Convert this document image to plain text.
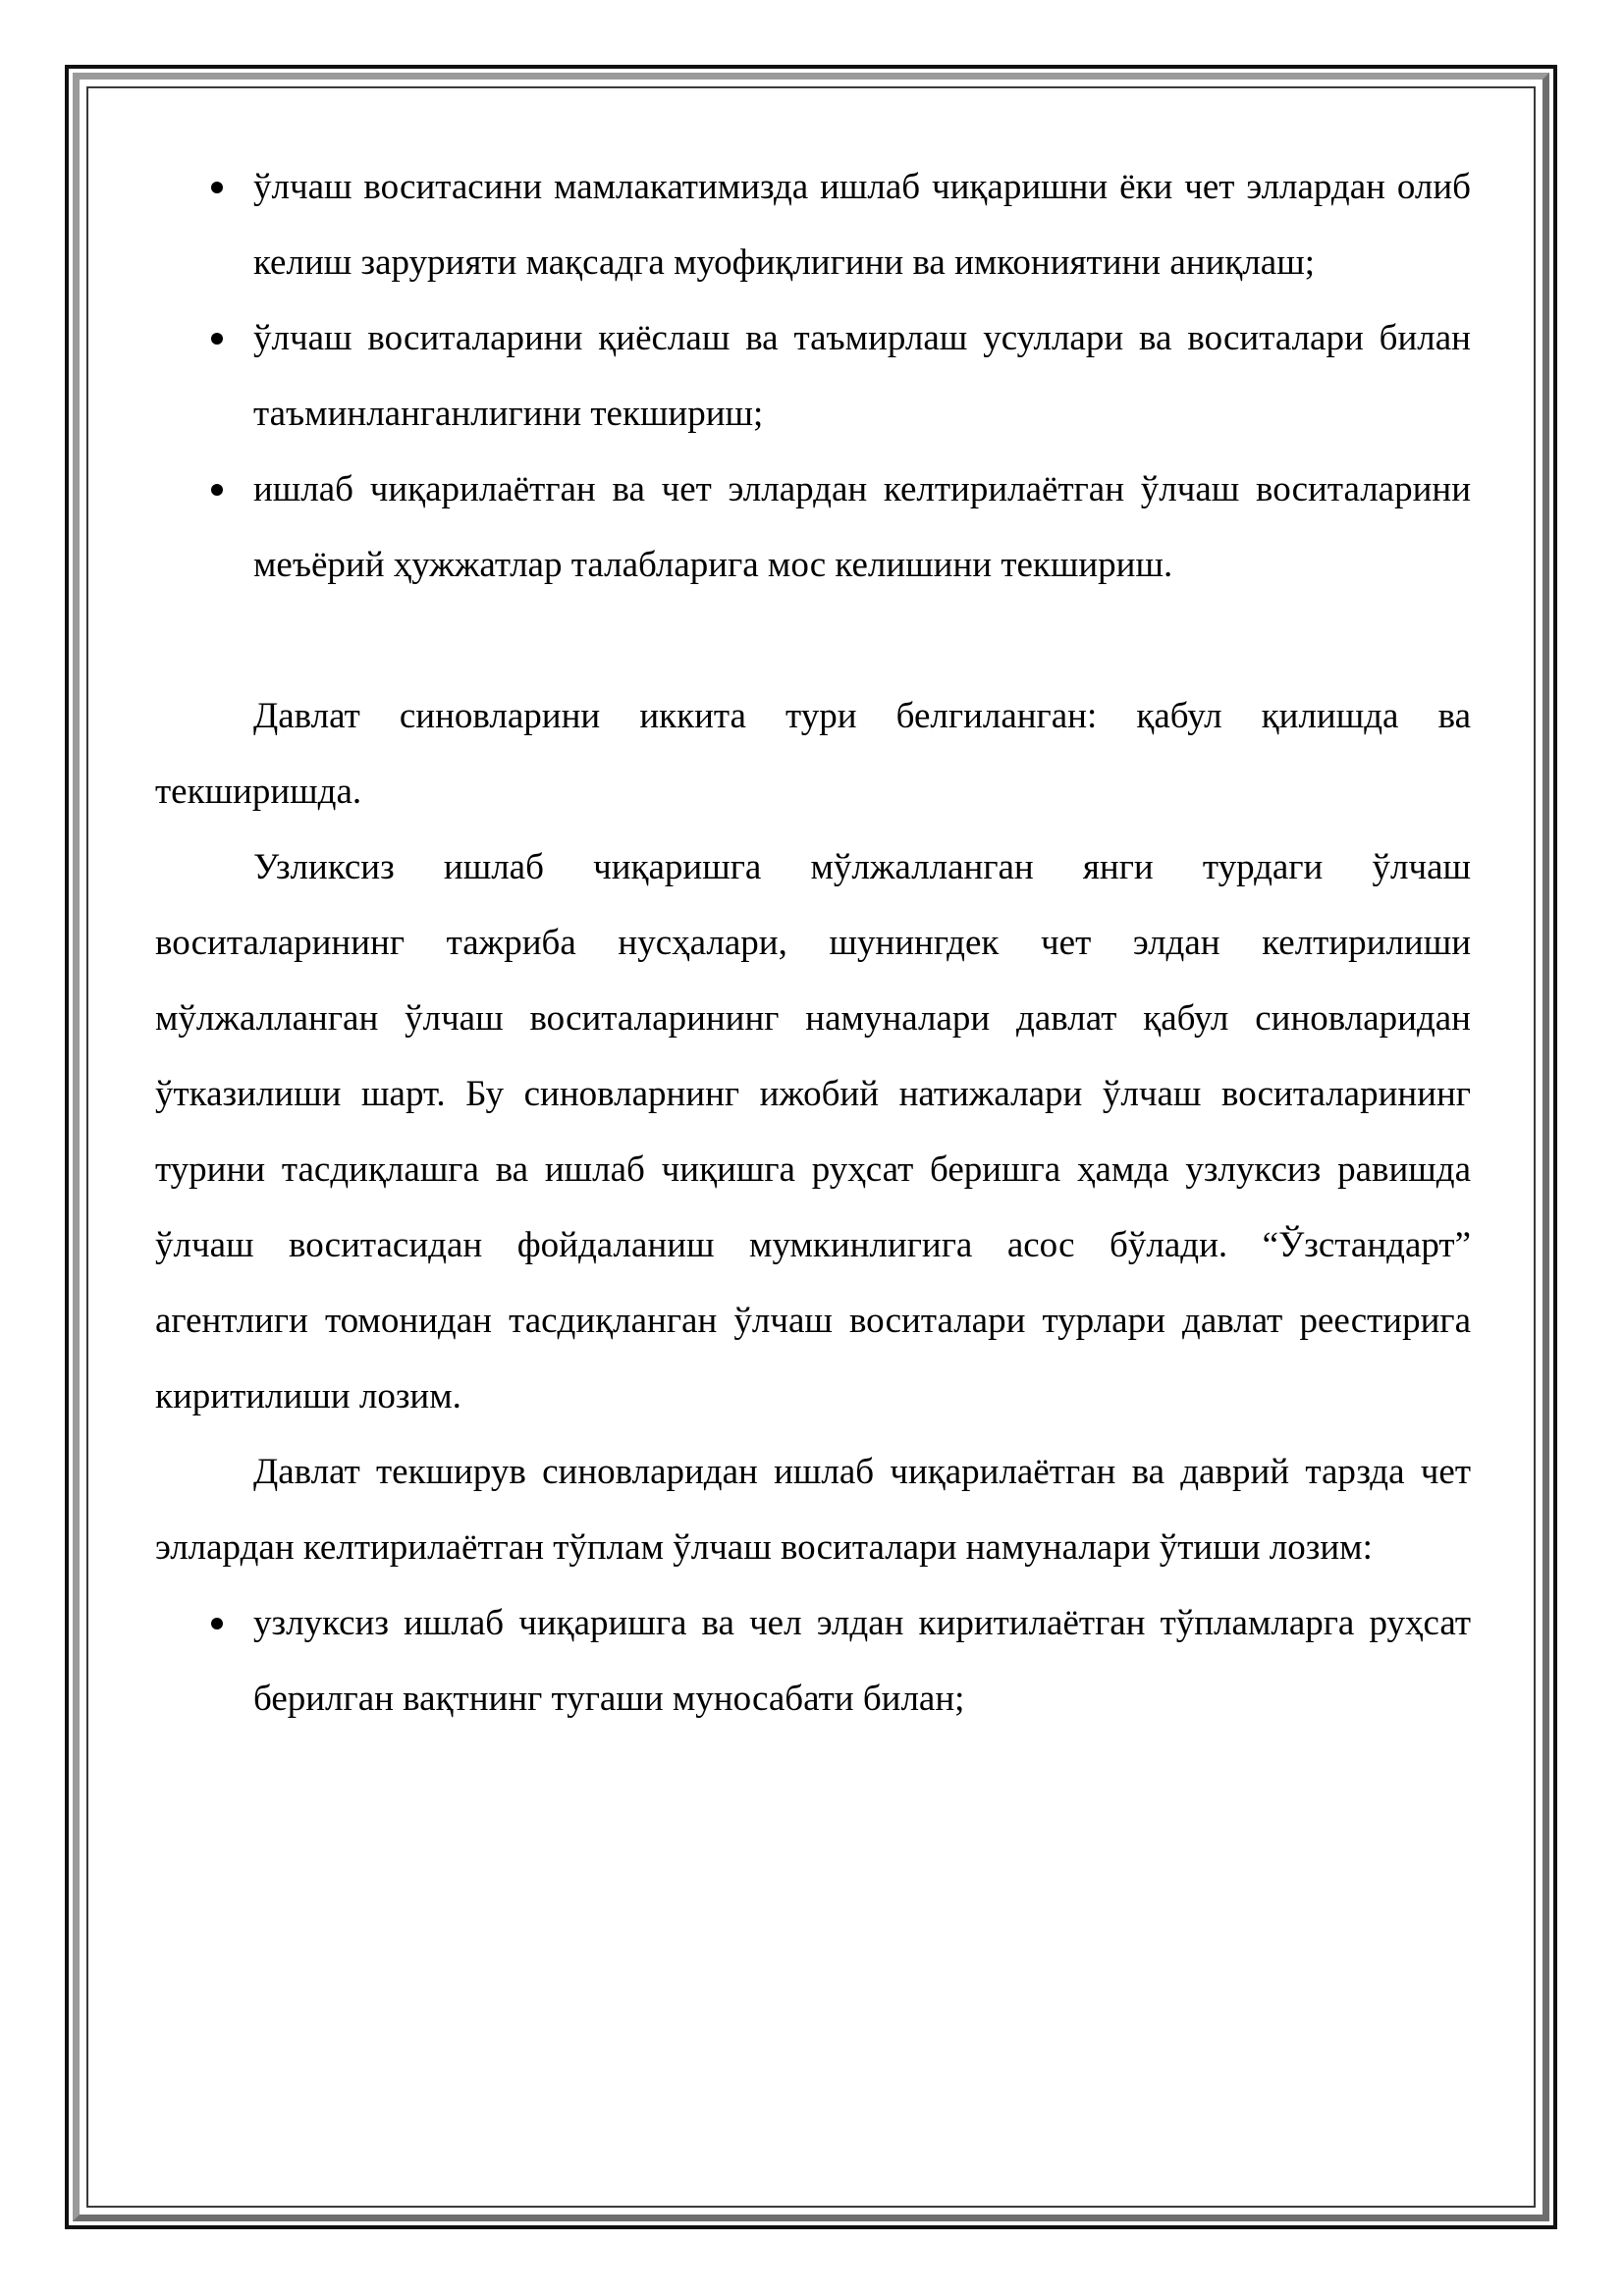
ўлчаш воситасини мамлакатимизда ишлаб чиқаришни ёки чет эллардан олиб келиш зарурияти мақсадга муофиқлигини ва имкониятини аниқлаш;
ўлчаш воситаларини қиёслаш ва таъмирлаш усуллари ва воситалари билан таъминланганлигини текшириш;
ишлаб чиқарилаётган ва чет эллардан келтирилаётган ўлчаш воситаларини меъёрий ҳужжатлар талабларига мос келишини текшириш.

Давлат синовларини иккита тури белгиланган: қабул қилишда ва текширишда.

Узликсиз ишлаб чиқаришга мўлжалланган янги турдаги ўлчаш воситаларининг тажриба нусҳалари, шунингдек чет элдан келтирилиши мўлжалланган ўлчаш воситаларининг намуналари давлат қабул синовларидан ўтказилиши шарт. Бу синовларнинг ижобий натижалари ўлчаш воситаларининг турини тасдиқлашга ва ишлаб чиқишга руҳсат беришга ҳамда узлуксиз равишда ўлчаш воситасидан фойдаланиш мумкинлигига асос бўлади. “Ўзстандарт” агентлиги томонидан тасдиқланган ўлчаш воситалари турлари давлат реестирига киритилиши лозим.

Давлат текширув синовларидан ишлаб чиқарилаётган ва даврий тарзда чет эллардан келтирилаётган тўплам ўлчаш воситалари намуналари ўтиши лозим:

узлуксиз ишлаб чиқаришга ва чел элдан киритилаётган тўпламларга руҳсат берилган вақтнинг тугаши муносабати билан;
